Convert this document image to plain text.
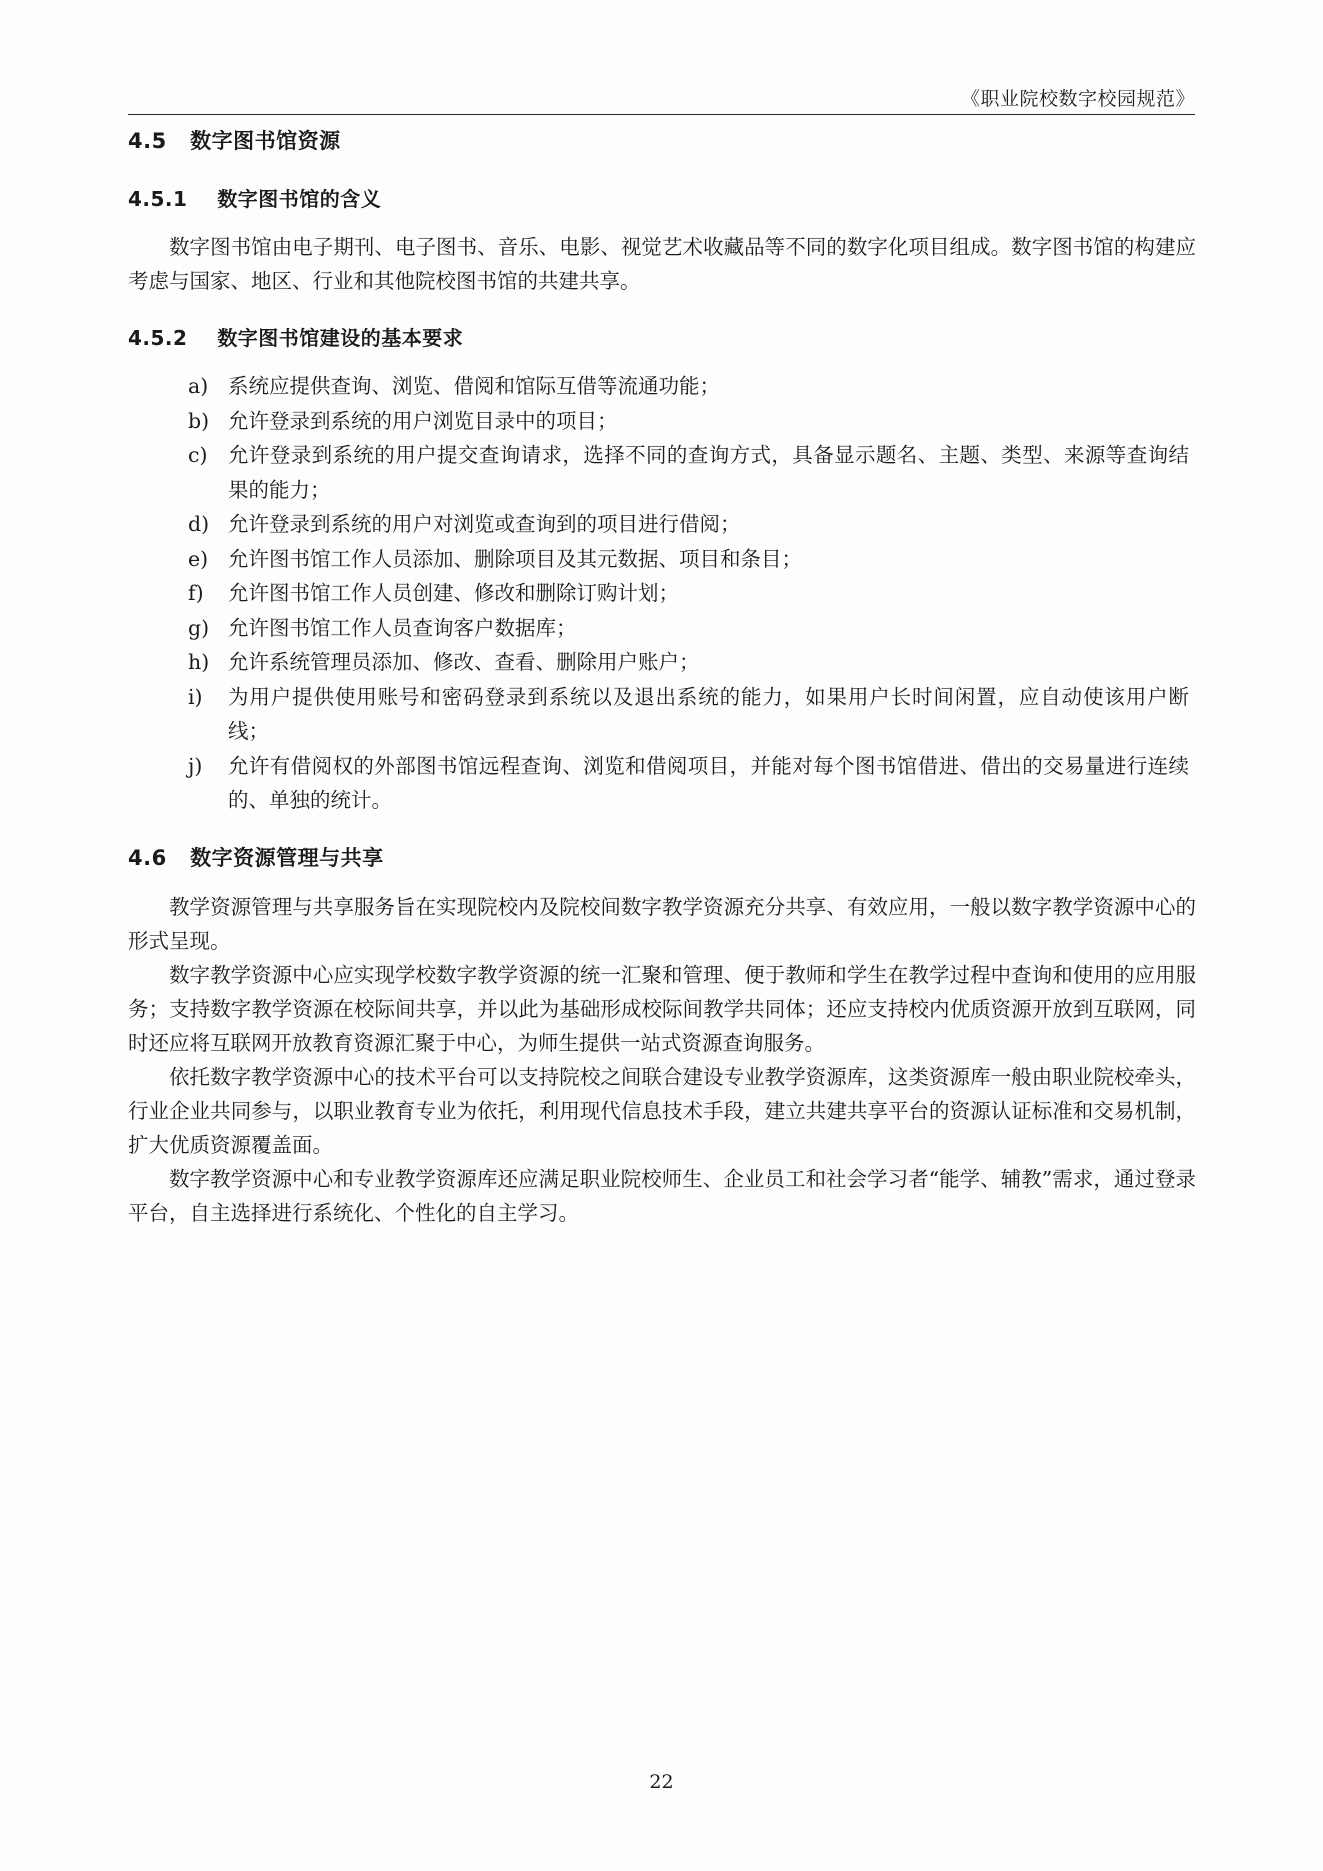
《职业院校数字校园规范》
4.5 数字图书馆资源
4.5.1 数字图书馆的含义

数字图书馆由电子期刊、电子图书、音乐、电影、视觉艺术收藏品等不同的数字化项目组成。数字图书馆的构建应考虑与国家、地区、行业和其他院校图书馆的共建共享。

4.5.2 数字图书馆建设的基本要求
a) 系统应提供查询、浏览、借阅和馆际互借等流通功能；
b) 允许登录到系统的用户浏览目录中的项目；
c)	允许登录到系统的用户提交查询请求，选择不同的查询方式，具备显示题名、主题、类型、来源等查询结果的能力；
d) 允许登录到系统的用户对浏览或查询到的项目进行借阅；
e) 允许图书馆工作人员添加、删除项目及其元数据、项目和条目；
f)	允许图书馆工作人员创建、修改和删除订购计划；
g) 允许图书馆工作人员查询客户数据库；
h) 允许系统管理员添加、修改、查看、删除用户账户；
i)	为用户提供使用账号和密码登录到系统以及退出系统的能力，如果用户长时间闲置，应自动使该用户断线；
j)	允许有借阅权的外部图书馆远程查询、浏览和借阅项目，并能对每个图书馆借进、借出的交易量进行连续的、单独的统计。
4.6 数字资源管理与共享

教学资源管理与共享服务旨在实现院校内及院校间数字教学资源充分共享、有效应用，一般以数字教学资源中心的形式呈现。

数字教学资源中心应实现学校数字教学资源的统一汇聚和管理、便于教师和学生在教学过程中查询和使用的应用服务；支持数字教学资源在校际间共享，并以此为基础形成校际间教学共同体；还应支持校内优质资源开放到互联网，同时还应将互联网开放教育资源汇聚于中心，为师生提供一站式资源查询服务。

依托数字教学资源中心的技术平台可以支持院校之间联合建设专业教学资源库，这类资源库一般由职业院校牵头，行业企业共同参与，以职业教育专业为依托，利用现代信息技术手段，建立共建共享平台的资源认证标准和交易机制，扩大优质资源覆盖面。

数字教学资源中心和专业教学资源库还应满足职业院校师生、企业员工和社会学习者“能学、辅教”需求，通过登录平台，自主选择进行系统化、个性化的自主学习。

22
